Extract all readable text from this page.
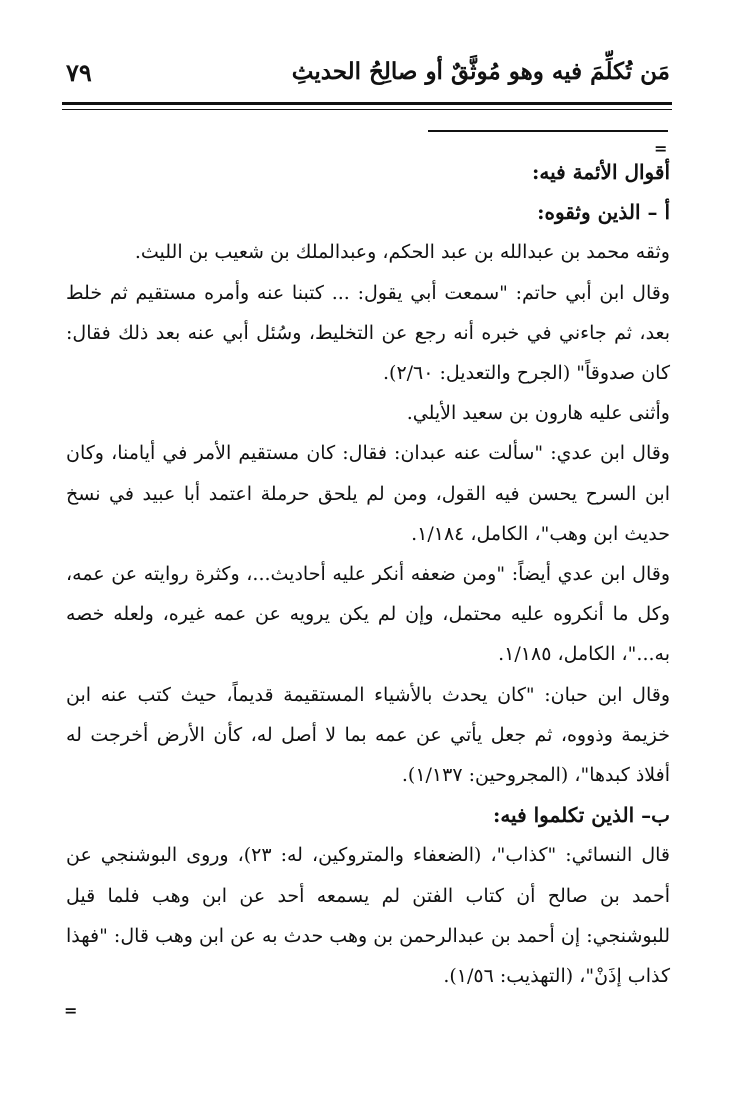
مَن تُكلِّمَ فيه وهو مُوثَّقٌ أو صالِحُ الحديثِ
٧٩
=

أقوال الأئمة فيه:

أ – الذين وثقوه:

وثقه محمد بن عبدالله بن عبد الحكم، وعبدالملك بن شعيب بن الليث.

وقال ابن أبي حاتم: "سمعت أبي يقول: ... كتبنا عنه وأمره مستقيم ثم خلط بعد، ثم جاءني في خبره أنه رجع عن التخليط، وسُئل أبي عنه بعد ذلك فقال: كان صدوقاً" (الجرح والتعديل: ٢/٦٠).

وأثنى عليه هارون بن سعيد الأيلي.

وقال ابن عدي: "سألت عنه عبدان: فقال: كان مستقيم الأمر في أيامنا، وكان ابن السرح يحسن فيه القول، ومن لم يلحق حرملة اعتمد أبا عبيد في نسخ حديث ابن وهب"، الكامل، ١/١٨٤.

وقال ابن عدي أيضاً: "ومن ضعفه أنكر عليه أحاديث...، وكثرة روايته عن عمه، وكل ما أنكروه عليه محتمل، وإن لم يكن يرويه عن عمه غيره، ولعله خصه به..."، الكامل، ١/١٨٥.

وقال ابن حبان: "كان يحدث بالأشياء المستقيمة قديماً، حيث كتب عنه ابن خزيمة وذووه، ثم جعل يأتي عن عمه بما لا أصل له، كأن الأرض أخرجت له أفلاذ كبدها"، (المجروحين: ١/١٣٧).

ب– الذين تكلموا فيه:

قال النسائي: "كذاب"، (الضعفاء والمتروكين، له: ٢٣)، وروى البوشنجي عن أحمد بن صالح أن كتاب الفتن لم يسمعه أحد عن ابن وهب فلما قيل للبوشنجي: إن أحمد بن عبدالرحمن بن وهب حدث به عن ابن وهب قال: "فهذا كذاب إذَنْ"، (التهذيب: ١/٥٦).

=
